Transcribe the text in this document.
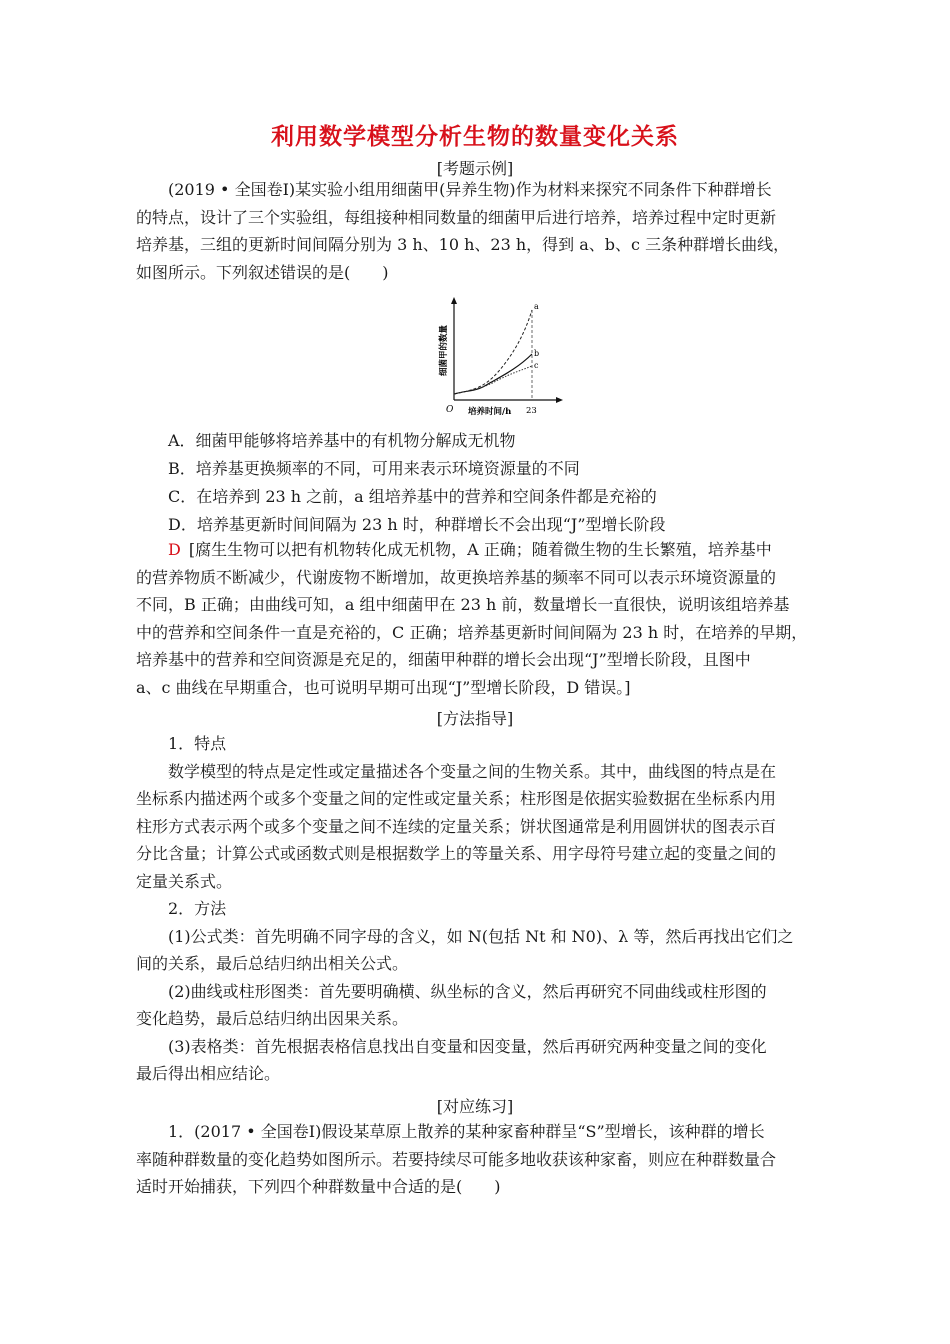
利用数学模型分析生物的数量变化关系
[考题示例]
(2019 • 全国卷Ⅰ)某实验小组用细菌甲(异养生物)作为材料来探究不同条件下种群增长
的特点，设计了三个实验组，每组接种相同数量的细菌甲后进行培养，培养过程中定时更新
培养基，三组的更新时间间隔分别为 3 h、10 h、23 h，得到 a、b、c 三条种群增长曲线，
如图所示。下列叙述错误的是(　　)
a
b
c
O 培养时间/h 23
细菌甲的数量
A．细菌甲能够将培养基中的有机物分解成无机物
B．培养基更换频率的不同，可用来表示环境资源量的不同
C．在培养到 23 h 之前，a 组培养基中的营养和空间条件都是充裕的
D．培养基更新时间间隔为 23 h 时，种群增长不会出现“J”型增长阶段
D [腐生生物可以把有机物转化成无机物，A 正确；随着微生物的生长繁殖，培养基中
的营养物质不断减少，代谢废物不断增加，故更换培养基的频率不同可以表示环境资源量的
不同，B 正确；由曲线可知，a 组中细菌甲在 23 h 前，数量增长一直很快，说明该组培养基
中的营养和空间条件一直是充裕的，C 正确；培养基更新时间间隔为 23 h 时，在培养的早期，
培养基中的营养和空间资源是充足的，细菌甲种群的增长会出现“J”型增长阶段，且图中
a、c 曲线在早期重合，也可说明早期可出现“J”型增长阶段，D 错误。]
[方法指导]
1．特点
数学模型的特点是定性或定量描述各个变量之间的生物关系。其中，曲线图的特点是在
坐标系内描述两个或多个变量之间的定性或定量关系；柱形图是依据实验数据在坐标系内用
柱形方式表示两个或多个变量之间不连续的定量关系；饼状图通常是利用圆饼状的图表示百
分比含量；计算公式或函数式则是根据数学上的等量关系、用字母符号建立起的变量之间的
定量关系式。
2．方法
(1)公式类：首先明确不同字母的含义，如 N(包括 Nt 和 N0)、λ 等，然后再找出它们之
间的关系，最后总结归纳出相关公式。
(2)曲线或柱形图类：首先要明确横、纵坐标的含义，然后再研究不同曲线或柱形图的
变化趋势，最后总结归纳出因果关系。
(3)表格类：首先根据表格信息找出自变量和因变量，然后再研究两种变量之间的变化
最后得出相应结论。
[对应练习]
1．(2017 • 全国卷Ⅰ)假设某草原上散养的某种家畜种群呈“S”型增长，该种群的增长
率随种群数量的变化趋势如图所示。若要持续尽可能多地收获该种家畜，则应在种群数量合
适时开始捕获，下列四个种群数量中合适的是(　　)
